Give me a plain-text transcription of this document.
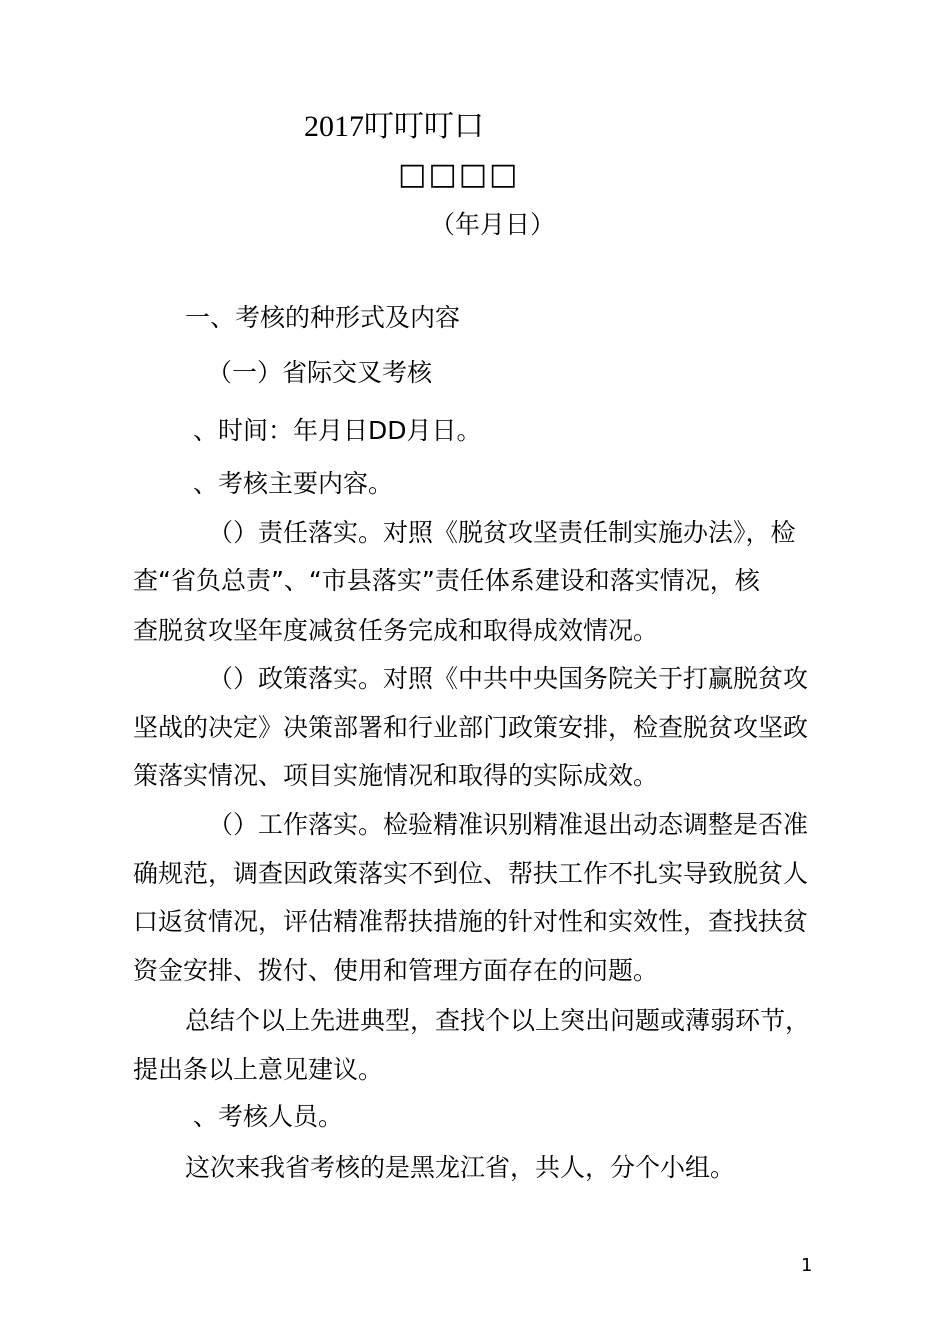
2017叮叮叮口
□□□□
（年月日）
一、考核的种形式及内容
（一）省际交叉考核
、时间：年月日DD月日。
、考核主要内容。
（）责任落实。对照《脱贫攻坚责任制实施办法》，检
查“省负总责”、“市县落实”责任体系建设和落实情况，核
查脱贫攻坚年度减贫任务完成和取得成效情况。
（）政策落实。对照《中共中央国务院关于打赢脱贫攻
坚战的决定》决策部署和行业部门政策安排，检查脱贫攻坚政
策落实情况、项目实施情况和取得的实际成效。
（）工作落实。检验精准识别精准退出动态调整是否准
确规范，调查因政策落实不到位、帮扶工作不扎实导致脱贫人
口返贫情况，评估精准帮扶措施的针对性和实效性，查找扶贫
资金安排、拨付、使用和管理方面存在的问题。
总结个以上先进典型，查找个以上突出问题或薄弱环节，
提出条以上意见建议。
、考核人员。
这次来我省考核的是黑龙江省，共人，分个小组。
1
